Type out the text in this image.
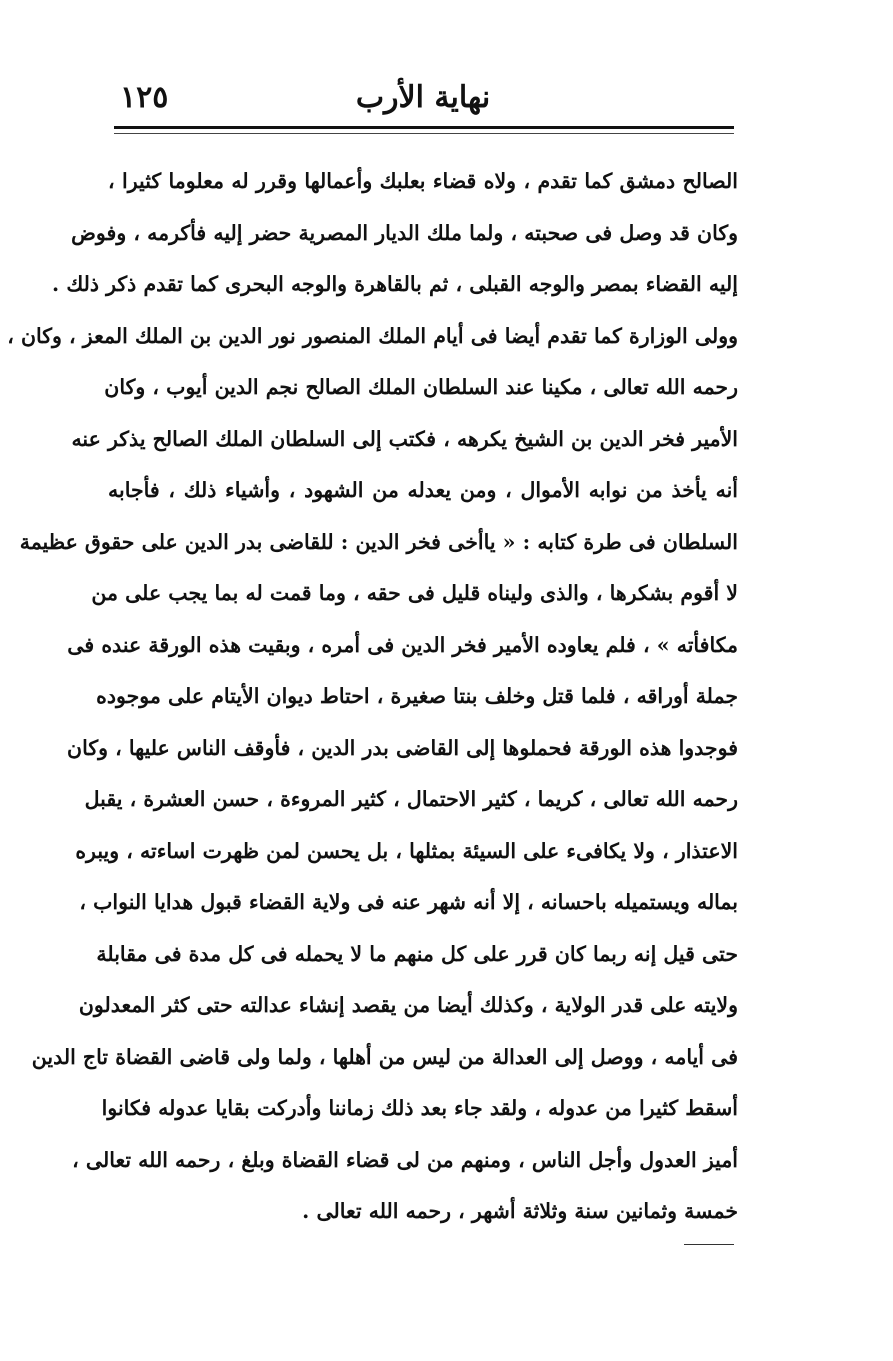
١٢٥	نهاية الأرب
الصالح دمشق كما تقدم ، ولاه قضاء بعلبك وأعمالها وقرر له معلوما كثيرا ،
وكان قد وصل فى صحبته ، ولما ملك الديار المصرية حضر إليه فأكرمه ، وفوض
إليه القضاء بمصر والوجه القبلى ، ثم بالقاهرة والوجه البحرى كما تقدم ذكر ذلك .
وولى الوزارة كما تقدم أيضا فى أيام الملك المنصور نور الدين بن الملك المعز ، وكان ،
رحمه الله تعالى ، مكينا عند السلطان الملك الصالح نجم الدين أيوب ، وكان
الأمير فخر الدين بن الشيخ يكرهه ، فكتب إلى السلطان الملك الصالح يذكر عنه
أنه يأخذ من نوابه الأموال ، ومن يعدله من الشهود ، وأشياء ذلك ، فأجابه
السلطان فى طرة كتابه : « ياأخى فخر الدين : للقاضى بدر الدين على حقوق عظيمة
لا أقوم بشكرها ، والذى وليناه قليل فى حقه ، وما قمت له بما يجب على من
مكافأته » ، فلم يعاوده الأمير فخر الدين فى أمره ، وبقيت هذه الورقة عنده فى
جملة أوراقه ، فلما قتل وخلف بنتا صغيرة ، احتاط ديوان الأيتام على موجوده
فوجدوا هذه الورقة فحملوها إلى القاضى بدر الدين ، فأوقف الناس عليها ، وكان
رحمه الله تعالى ، كريما ، كثير الاحتمال ، كثير المروءة ، حسن العشرة ، يقبل
الاعتذار ، ولا يكافىء على السيئة بمثلها ، بل يحسن لمن ظهرت اساءته ، ويبره
بماله ويستميله باحسانه ، إلا أنه شهر عنه فى ولاية القضاء قبول هدايا النواب ،
حتى قيل إنه ربما كان قرر على كل منهم ما لا يحمله فى كل مدة فى مقابلة
ولايته على قدر الولاية ، وكذلك أيضا من يقصد إنشاء عدالته حتى كثر المعدلون
فى أيامه ، ووصل إلى العدالة من ليس من أهلها ، ولما ولى قاضى القضاة تاج الدين
أسقط كثيرا من عدوله ، ولقد جاء بعد ذلك زماننا وأدركت بقايا عدوله فكانوا
أميز العدول وأجل الناس ، ومنهم من لى قضاء القضاة وبلغ ، رحمه الله تعالى ،
خمسة وثمانين سنة وثلاثة أشهر ، رحمه الله تعالى .
